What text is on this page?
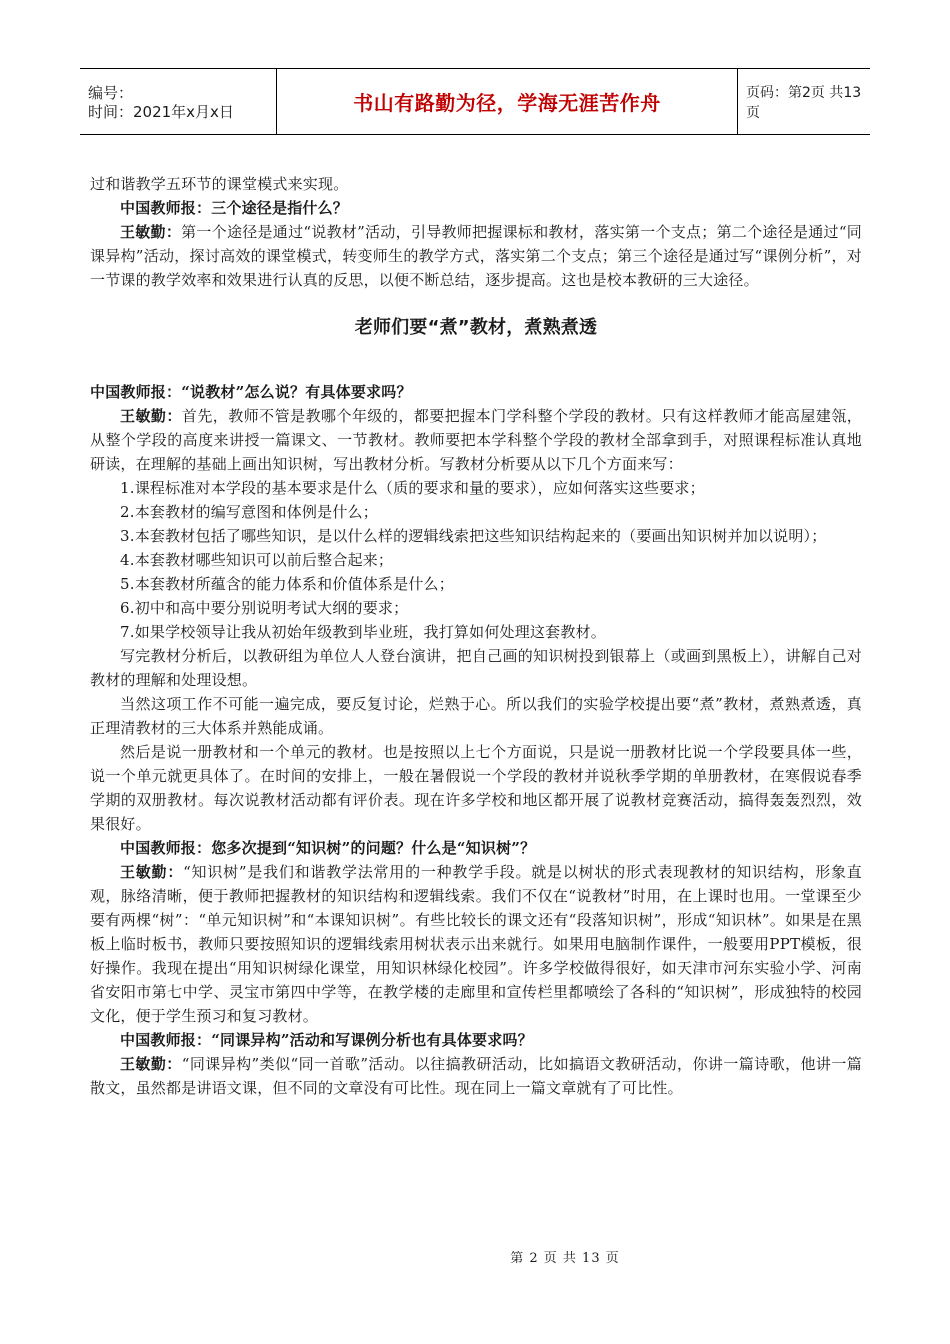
编号：
时间：2021年x月x日	书山有路勤为径，学海无涯苦作舟	页码：第2页 共13页

过和谐教学五环节的课堂模式来实现。

中国教师报：三个途径是指什么？

王敏勤：第一个途径是通过“说教材”活动，引导教师把握课标和教材，落实第一个支点；第二个途径是通过“同课异构”活动，探讨高效的课堂模式，转变师生的教学方式，落实第二个支点；第三个途径是通过写“课例分析”，对一节课的教学效率和效果进行认真的反思，以便不断总结，逐步提高。这也是校本教研的三大途径。

老师们要“煮”教材，煮熟煮透

中国教师报：“说教材”怎么说？有具体要求吗？

王敏勤：首先，教师不管是教哪个年级的，都要把握本门学科整个学段的教材。只有这样教师才能高屋建瓴，从整个学段的高度来讲授一篇课文、一节教材。教师要把本学科整个学段的教材全部拿到手，对照课程标准认真地研读，在理解的基础上画出知识树，写出教材分析。写教材分析要从以下几个方面来写：

1.课程标准对本学段的基本要求是什么（质的要求和量的要求），应如何落实这些要求；

2.本套教材的编写意图和体例是什么；

3.本套教材包括了哪些知识，是以什么样的逻辑线索把这些知识结构起来的（要画出知识树并加以说明）；

4.本套教材哪些知识可以前后整合起来；

5.本套教材所蕴含的能力体系和价值体系是什么；

6.初中和高中要分别说明考试大纲的要求；

7.如果学校领导让我从初始年级教到毕业班，我打算如何处理这套教材。

写完教材分析后，以教研组为单位人人登台演讲，把自己画的知识树投到银幕上（或画到黑板上），讲解自己对教材的理解和处理设想。

当然这项工作不可能一遍完成，要反复讨论，烂熟于心。所以我们的实验学校提出要“煮”教材，煮熟煮透，真正理清教材的三大体系并熟能成诵。

然后是说一册教材和一个单元的教材。也是按照以上七个方面说，只是说一册教材比说一个学段要具体一些，说一个单元就更具体了。在时间的安排上，一般在暑假说一个学段的教材并说秋季学期的单册教材，在寒假说春季学期的双册教材。每次说教材活动都有评价表。现在许多学校和地区都开展了说教材竞赛活动，搞得轰轰烈烈，效果很好。

中国教师报：您多次提到“知识树”的问题？什么是“知识树”？

王敏勤：“知识树”是我们和谐教学法常用的一种教学手段。就是以树状的形式表现教材的知识结构，形象直观，脉络清晰，便于教师把握教材的知识结构和逻辑线索。我们不仅在“说教材”时用，在上课时也用。一堂课至少要有两棵“树”：“单元知识树”和“本课知识树”。有些比较长的课文还有“段落知识树”，形成“知识林”。如果是在黑板上临时板书，教师只要按照知识的逻辑线索用树状表示出来就行。如果用电脑制作课件，一般要用PPT模板，很好操作。我现在提出“用知识树绿化课堂，用知识林绿化校园”。许多学校做得很好，如天津市河东实验小学、河南省安阳市第七中学、灵宝市第四中学等，在教学楼的走廊里和宣传栏里都喷绘了各科的“知识树”，形成独特的校园文化，便于学生预习和复习教材。

中国教师报：“同课异构”活动和写课例分析也有具体要求吗？

王敏勤：“同课异构”类似“同一首歌”活动。以往搞教研活动，比如搞语文教研活动，你讲一篇诗歌，他讲一篇散文，虽然都是讲语文课，但不同的文章没有可比性。现在同上一篇文章就有了可比性。

第 2 页 共 13 页
